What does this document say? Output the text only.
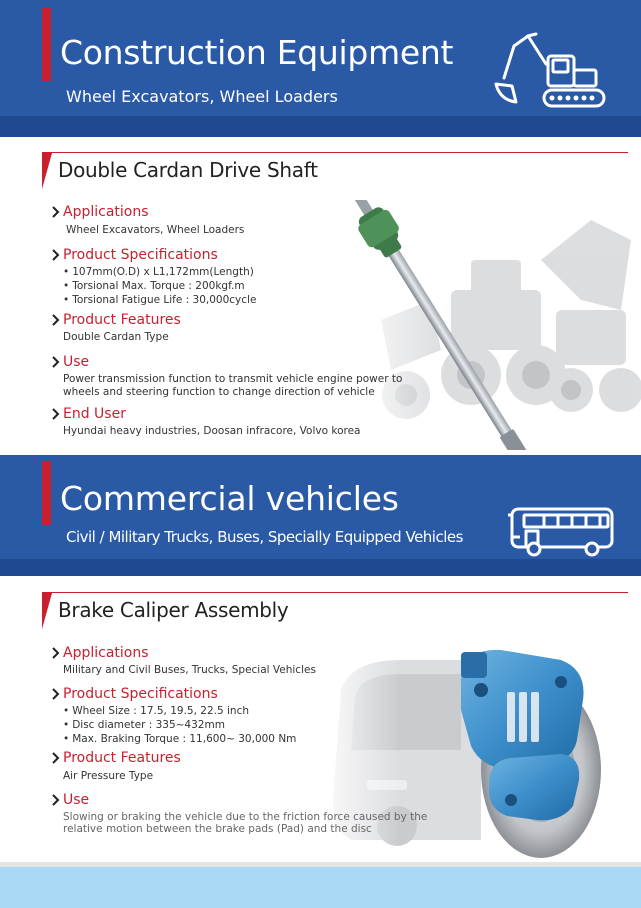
Construction Equipment
Wheel Excavators, Wheel Loaders
Double Cardan Drive Shaft
Applications
Wheel Excavators, Wheel Loaders
Product Specifications
• 107mm(O.D) x L1,172mm(Length)
• Torsional Max. Torque : 200kgf.m
• Torsional Fatigue Life : 30,000cycle
Product Features
Double Cardan Type
Use
Power transmission function to transmit vehicle engine power to
wheels and steering function to change direction of vehicle
End User
Hyundai heavy industries, Doosan infracore, Volvo korea
Commercial vehicles
Civil / Military Trucks, Buses, Specially Equipped Vehicles
Brake Caliper Assembly
Applications
Military and Civil Buses, Trucks, Special Vehicles
Product Specifications
• Wheel Size : 17.5, 19.5, 22.5 inch
• Disc diameter : 335~432mm
• Max. Braking Torque : 11,600~ 30,000 Nm
Product Features
Air Pressure Type
Use
Slowing or braking the vehicle due to the friction force caused by the
relative motion between the brake pads (Pad) and the disc
